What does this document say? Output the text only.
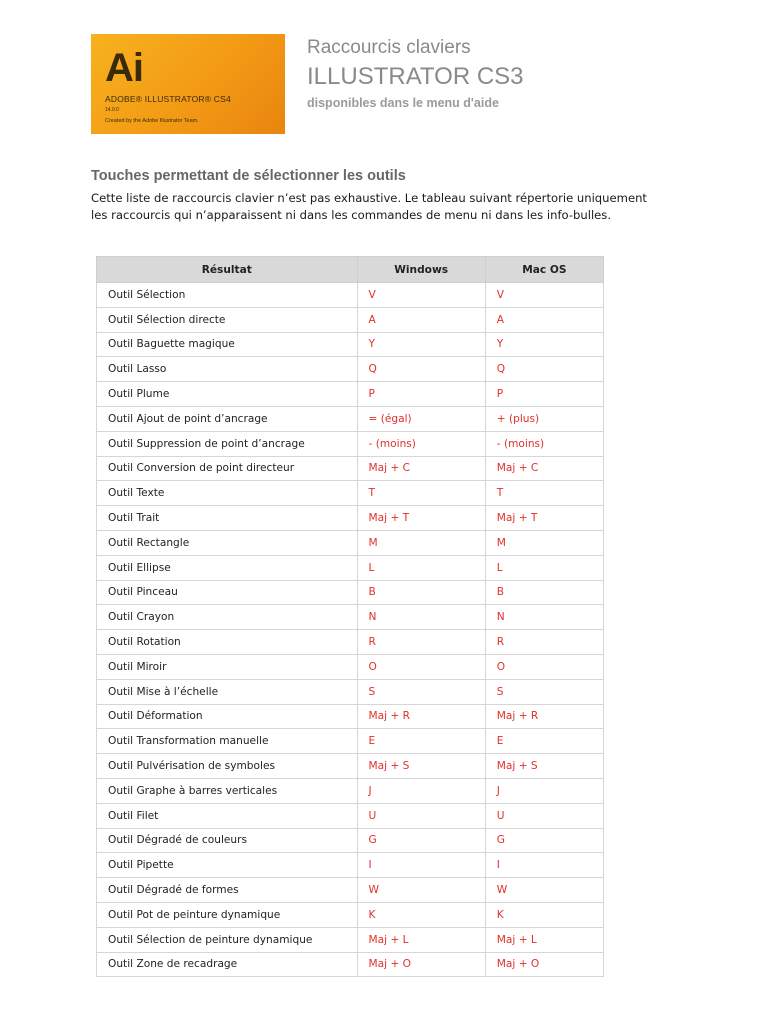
Ai
ADOBE® ILLUSTRATOR® CS4
14.0.0
Created by the Adobe Illustrator Team.
Raccourcis claviers
ILLUSTRATOR CS3
disponibles dans le menu d'aide
Touches permettant de sélectionner les outils

Cette liste de raccourcis clavier n’est pas exhaustive. Le tableau suivant répertorie uniquement les raccourcis qui n’apparaissent ni dans les commandes de menu ni dans les info-bulles.

Résultat	Windows	Mac OS
Outil Sélection	V	V
Outil Sélection directe	A	A
Outil Baguette magique	Y	Y
Outil Lasso	Q	Q
Outil Plume	P	P
Outil Ajout de point d’ancrage	= (égal)	+ (plus)
Outil Suppression de point d’ancrage	- (moins)	- (moins)
Outil Conversion de point directeur	Maj + C	Maj + C
Outil Texte	T	T
Outil Trait	Maj + T	Maj + T
Outil Rectangle	M	M
Outil Ellipse	L	L
Outil Pinceau	B	B
Outil Crayon	N	N
Outil Rotation	R	R
Outil Miroir	O	O
Outil Mise à l’échelle	S	S
Outil Déformation	Maj + R	Maj + R
Outil Transformation manuelle	E	E
Outil Pulvérisation de symboles	Maj + S	Maj + S
Outil Graphe à barres verticales	J	J
Outil Filet	U	U
Outil Dégradé de couleurs	G	G
Outil Pipette	I	I
Outil Dégradé de formes	W	W
Outil Pot de peinture dynamique	K	K
Outil Sélection de peinture dynamique	Maj + L	Maj + L
Outil Zone de recadrage	Maj + O	Maj + O
